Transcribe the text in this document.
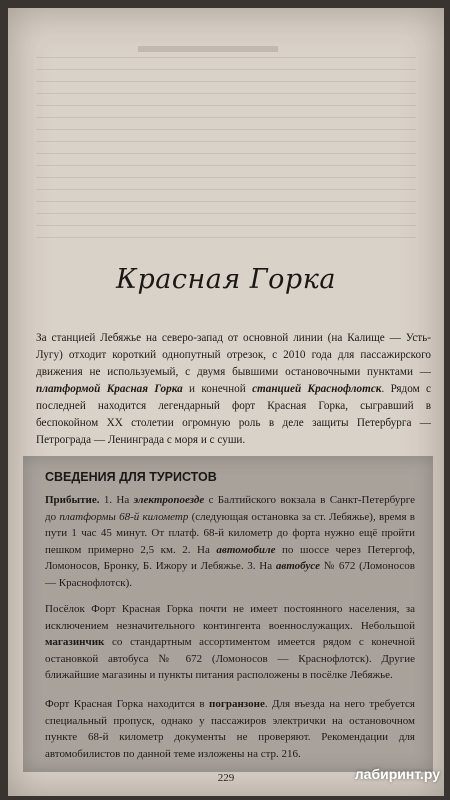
Красная Горка
За станцией Лебяжье на северо-запад от основной линии (на Калище — Усть-Лугу) отходит короткий однопутный отрезок, с 2010 года для пассажирского движения не используемый, с двумя бывшими остановочными пунктами — платформой Красная Горка и конечной станцией Краснофлотск. Рядом с последней находится легендарный форт Красная Горка, сыгравший в беспокойном XX столетии огромную роль в деле защиты Петербурга — Петрограда — Ленинграда с моря и с суши.
СВЕДЕНИЯ ДЛЯ ТУРИСТОВ
Прибытие. 1. На электропоезде с Балтийского вокзала в Санкт-Петербурге до платформы 68-й километр (следующая остановка за ст. Лебяжье), время в пути 1 час 45 минут. От платф. 68-й километр до форта нужно ещё пройти пешком примерно 2,5 км. 2. На автомобиле по шоссе через Петергоф, Ломоносов, Бронку, Б. Ижору и Лебяжье. 3. На автобусе № 672 (Ломоносов — Краснофлотск).
Посёлок Форт Красная Горка почти не имеет постоянного населения, за исключением незначительного контингента военнослужащих. Небольшой магазинчик со стандартным ассортиментом имеется рядом с конечной остановкой автобуса № 672 (Ломоносов — Краснофлотск). Другие ближайшие магазины и пункты питания расположены в посёлке Лебяжье.
Форт Красная Горка находится в погранзоне. Для въезда на него требуется специальный пропуск, однако у пассажиров электрички на остановочном пункте 68-й километр документы не проверяют. Рекомендации для автомобилистов по данной теме изложены на стр. 216.
229	лабиринт.ру
